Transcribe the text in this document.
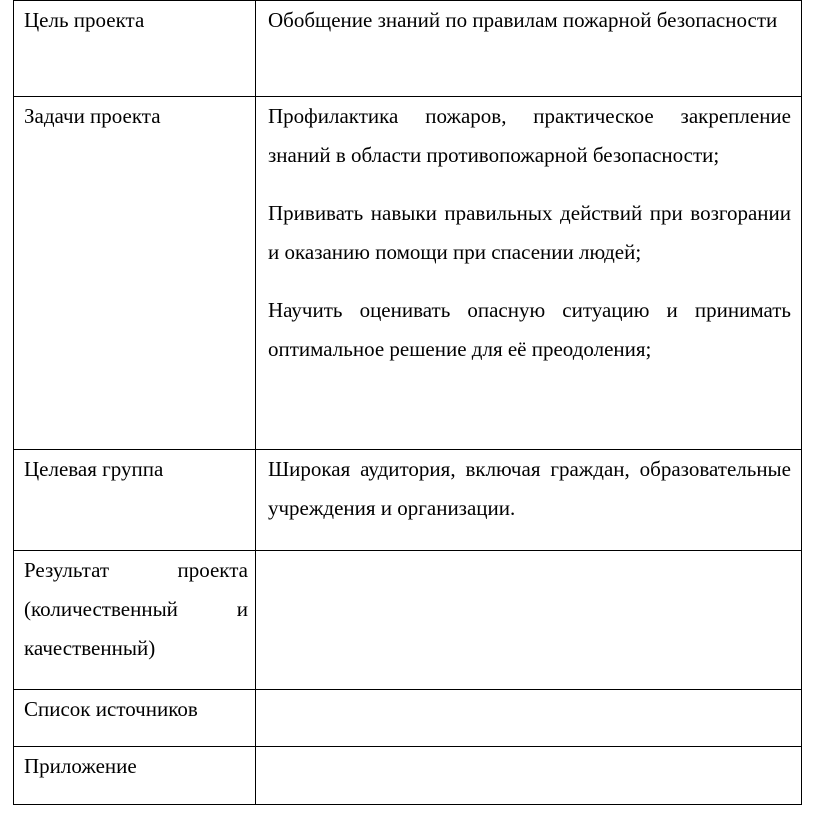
Цель проекта	Обобщение знаний по правилам пожарной безопасности

Задачи проекта	Профилактика пожаров, практическое закрепление знаний в области противопожарной безопасности;

Прививать навыки правильных действий при возгорании и оказанию помощи при спасении людей;

Научить оценивать опасную ситуацию и принимать оптимальное решение для её преодоления;

Целевая группа	Широкая аудитория, включая граждан, образовательные учреждения и организации.

Результат проекта (количественный и качественный)	
Список источников	
Приложение	
